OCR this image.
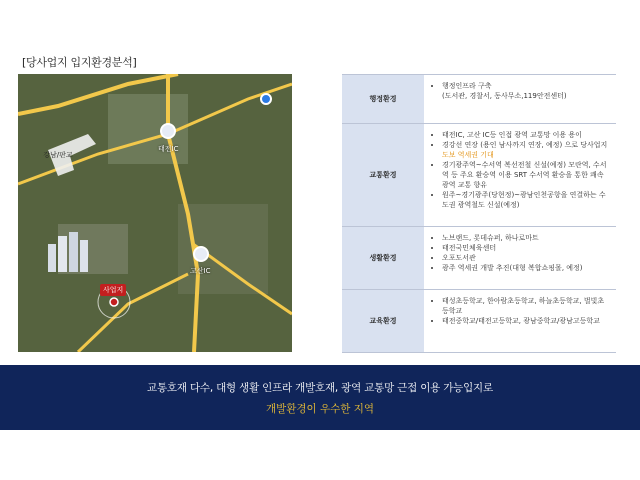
[당사업지 입지환경분석]
태전IC
고산IC
강남/판교
사업지
행정환경
• 행정인프라 구축
(도서관, 경찰서, 동사무소,119안전센터)
교통환경
• 태전IC, 고산 IC등 인접 광역 교통망 이용 용이
• 경강선 연장 (용인 남사까지 연장, 예정) 으로 당사업지 도보 역세권 기대
• 경기광주역~수서역 복선전철 신설(예정) 모란역, 수서역 등 주요 환승역 이용 SRT 수서역 환승을 통한 쾌속 광역 교통 향유
• 원주~경기광주(당현정)~광남인천공항을 연결하는 수도권 광역철도 신설(예정)
생활환경
• 노브랜드, 롯데슈퍼, 하나로마트
• 태전국민체육센터
• 오포도서관
• 광주 역세권 개발 추진(대형 복합쇼핑몰, 예정)
교육환경
• 태성초등학교, 한아람초등학교, 하늘초등학교, 벌빛초등학교
• 태전중학교/태전고등학교, 광남중학교/광남고등학교
교통호재 다수, 대형 생활 인프라 개발호재, 광역 교통망 근접 이용 가능입지로
개발환경이 우수한 지역
